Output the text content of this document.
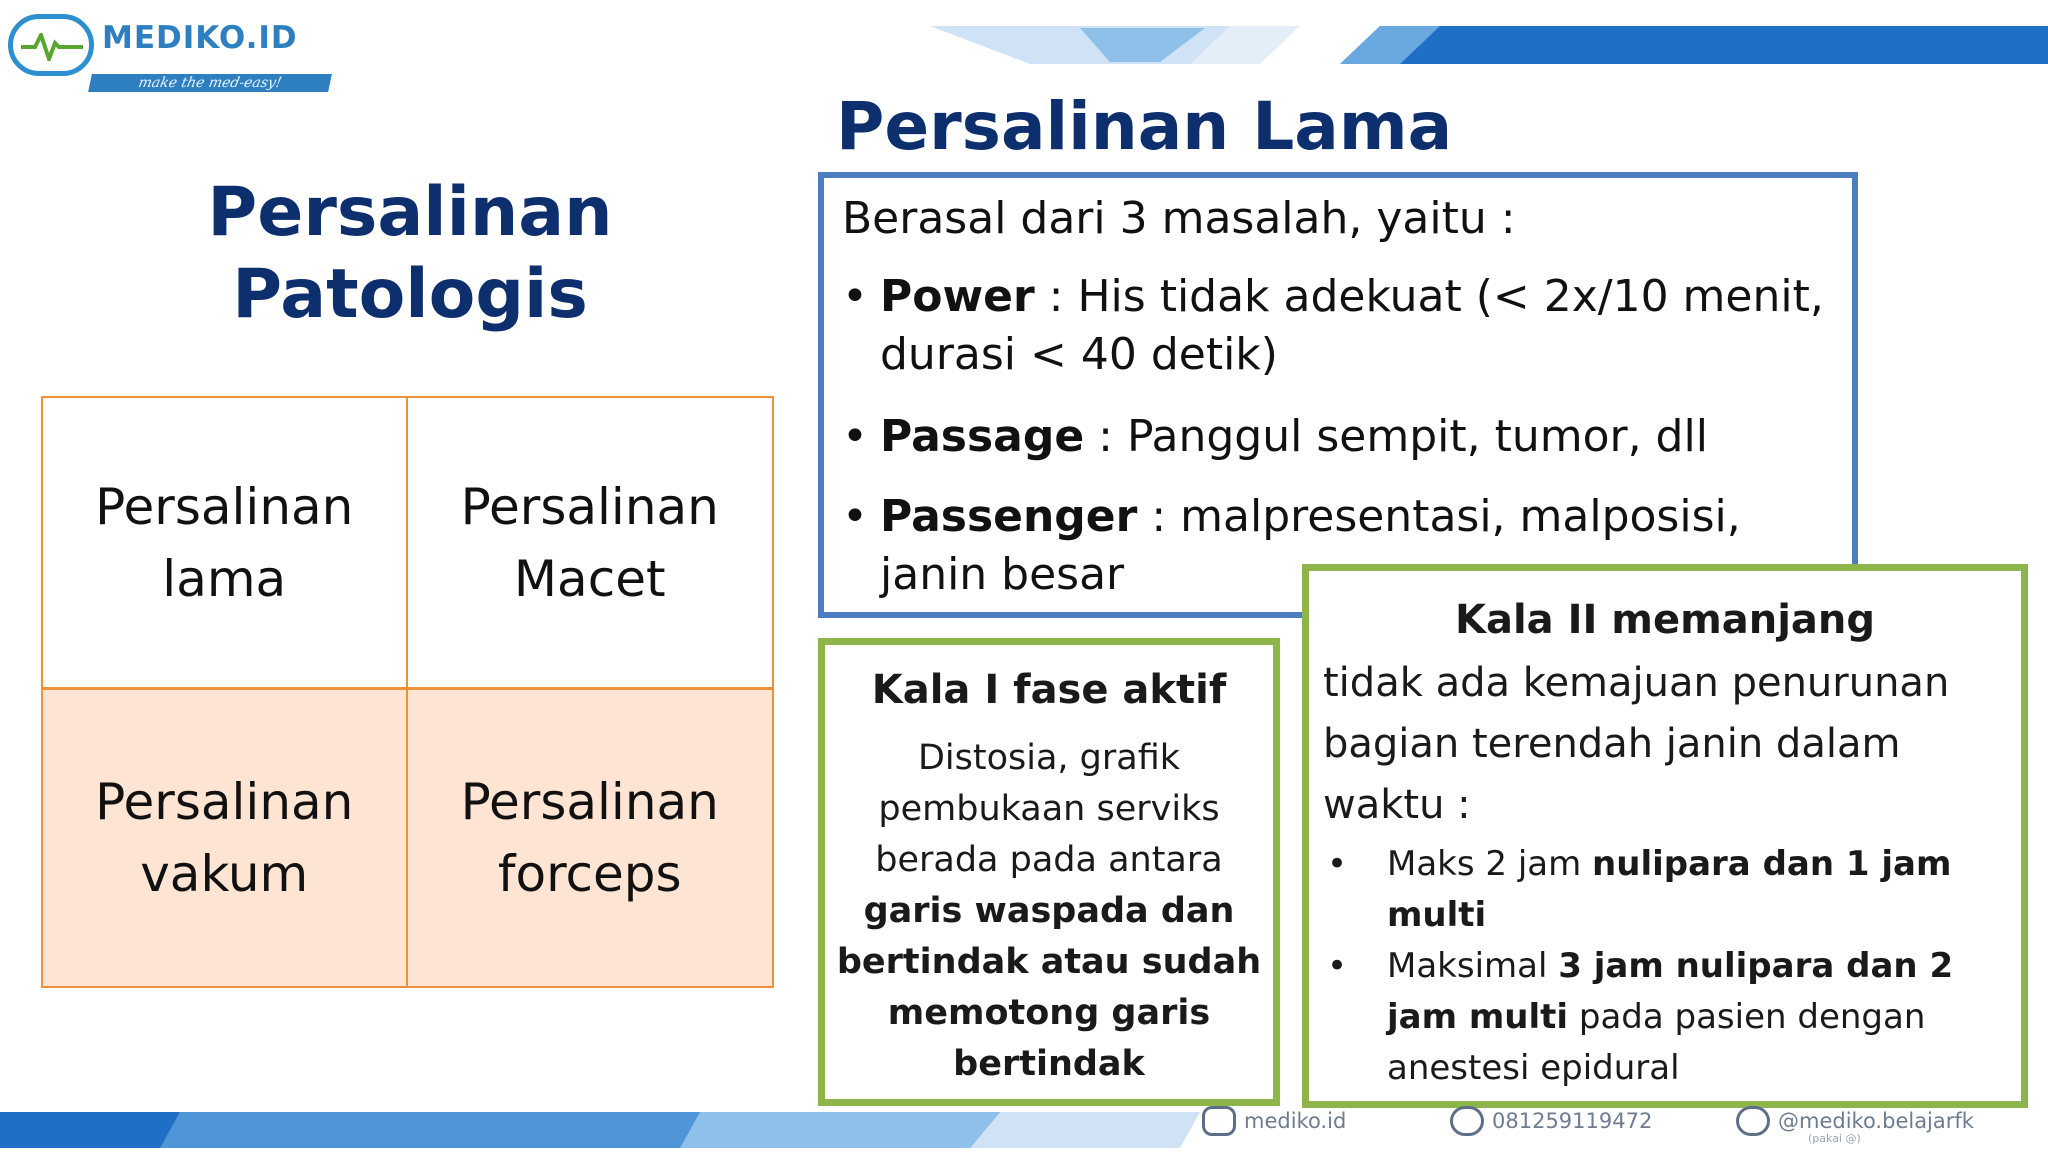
MEDIKO.ID
make the med-easy!
Persalinan
Patologis
Persalinan
lama
Persalinan
Macet
Persalinan
vakum
Persalinan
forceps
Persalinan Lama
Berasal dari 3 masalah, yaitu :
• Power : His tidak adekuat (< 2x/10 menit, durasi < 40 detik)
• Passage : Panggul sempit, tumor, dll
• Passenger : malpresentasi, malposisi, janin besar
Kala I fase aktif
Distosia, grafik pembukaan serviks berada pada antara garis waspada dan bertindak atau sudah memotong garis bertindak
Kala II memanjang
tidak ada kemajuan penurunan bagian terendah janin dalam waktu :
• Maks 2 jam nulipara dan 1 jam multi
• Maksimal 3 jam nulipara dan 2 jam multi pada pasien dengan anestesi epidural
mediko.id	081259119472	@mediko.belajarfk
(pakai @)
